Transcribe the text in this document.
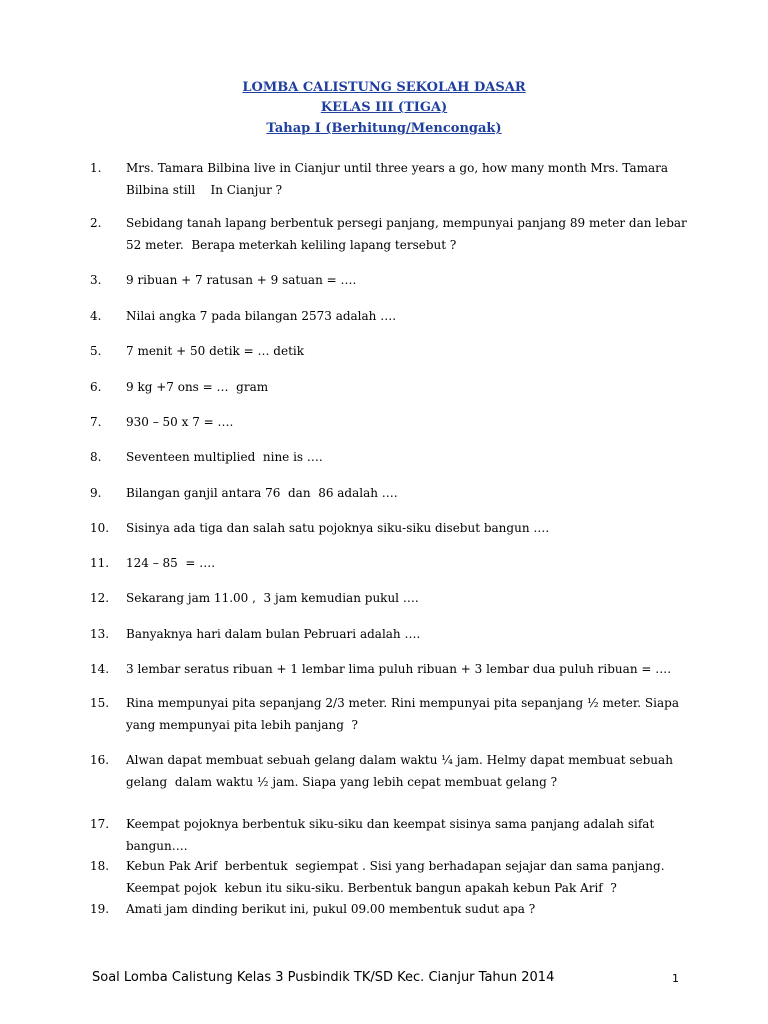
LOMBA CALISTUNG SEKOLAH DASAR
KELAS III (TIGA)
Tahap I (Berhitung/Mencongak)
1. Mrs. Tamara Bilbina live in Cianjur until three years a go, how many month Mrs. Tamara
Bilbina still    In Cianjur ?
2. Sebidang tanah lapang berbentuk persegi panjang, mempunyai panjang 89 meter dan lebar
52 meter.  Berapa meterkah keliling lapang tersebut ?
3. 9 ribuan + 7 ratusan + 9 satuan = ….
4. Nilai angka 7 pada bilangan 2573 adalah ….
5. 7 menit + 50 detik = … detik
6. 9 kg +7 ons = …  gram
7. 930 – 50 x 7 = ….
8. Seventeen multiplied  nine is ….
9. Bilangan ganjil antara 76  dan  86 adalah ….
10. Sisinya ada tiga dan salah satu pojoknya siku-siku disebut bangun ….
11. 124 – 85  = ….
12. Sekarang jam 11.00 ,  3 jam kemudian pukul ….
13. Banyaknya hari dalam bulan Pebruari adalah ….
14. 3 lembar seratus ribuan + 1 lembar lima puluh ribuan + 3 lembar dua puluh ribuan = ….
15. Rina mempunyai pita sepanjang 2/3 meter. Rini mempunyai pita sepanjang ½ meter. Siapa
yang mempunyai pita lebih panjang  ?
16. Alwan dapat membuat sebuah gelang dalam waktu ¼ jam. Helmy dapat membuat sebuah
gelang  dalam waktu ½ jam. Siapa yang lebih cepat membuat gelang ?
17. Keempat pojoknya berbentuk siku-siku dan keempat sisinya sama panjang adalah sifat
bangun….
18. Kebun Pak Arif  berbentuk  segiempat . Sisi yang berhadapan sejajar dan sama panjang.
Keempat pojok  kebun itu siku-siku. Berbentuk bangun apakah kebun Pak Arif  ?
19. Amati jam dinding berikut ini, pukul 09.00 membentuk sudut apa ?
Soal Lomba Calistung Kelas 3 Pusbindik TK/SD Kec. Cianjur Tahun 2014	1
